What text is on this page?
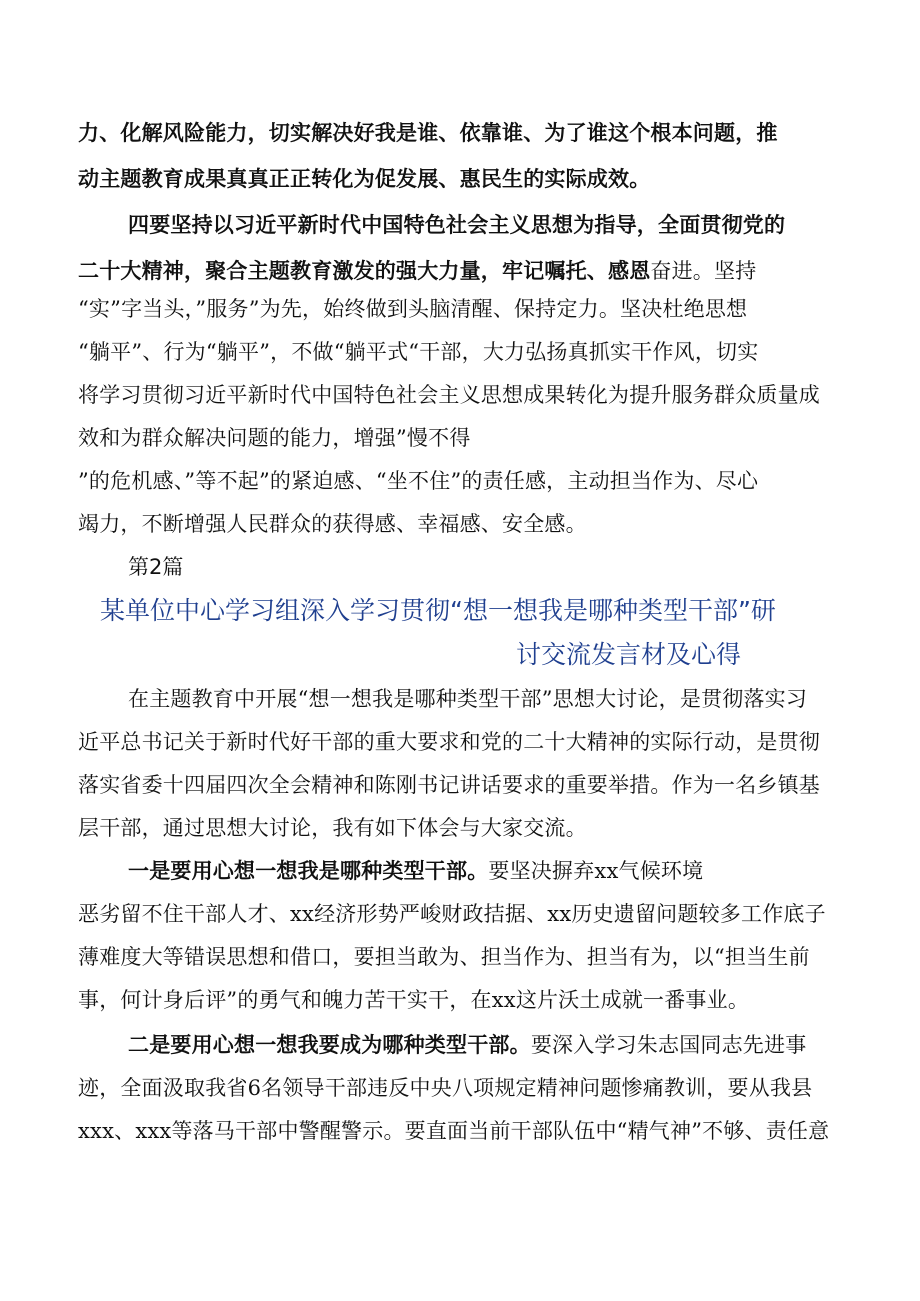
力、化解风险能力，切实解决好我是谁、依靠谁、为了谁这个根本问题，推
动主题教育成果真真正正转化为促发展、惠民生的实际成效。
四要坚持以习近平新时代中国特色社会主义思想为指导，全面贯彻党的
二十大精神，聚合主题教育激发的强大力量，牢记嘱托、感恩奋进。坚持
“实”字当头，”服务”为先，始终做到头脑清醒、保持定力。坚决杜绝思想
“躺平”、行为“躺平”，不做“躺平式“干部，大力弘扬真抓实干作风，切实
将学习贯彻习近平新时代中国特色社会主义思想成果转化为提升服务群众质量成
效和为群众解决问题的能力，增强”慢不得
”的危机感、”等不起”的紧迫感、“坐不住”的责任感，主动担当作为、尽心
竭力，不断增强人民群众的获得感、幸福感、安全感。
第2篇
某单位中心学习组深入学习贯彻“想一想我是哪种类型干部”研
讨交流发言材及心得
在主题教育中开展“想一想我是哪种类型干部”思想大讨论，是贯彻落实习
近平总书记关于新时代好干部的重大要求和党的二十大精神的实际行动，是贯彻
落实省委十四届四次全会精神和陈刚书记讲话要求的重要举措。作为一名乡镇基
层干部，通过思想大讨论，我有如下体会与大家交流。
一是要用心想一想我是哪种类型干部。要坚决摒弃xx气候环境
恶劣留不住干部人才、xx经济形势严峻财政拮据、xx历史遗留问题较多工作底子
薄难度大等错误思想和借口，要担当敢为、担当作为、担当有为，以“担当生前
事，何计身后评”的勇气和魄力苦干实干，在xx这片沃土成就一番事业。
二是要用心想一想我要成为哪种类型干部。要深入学习朱志国同志先进事
迹，全面汲取我省6名领导干部违反中央八项规定精神问题惨痛教训，要从我县
xxx、xxx等落马干部中警醒警示。要直面当前干部队伍中“精气神”不够、责任意
